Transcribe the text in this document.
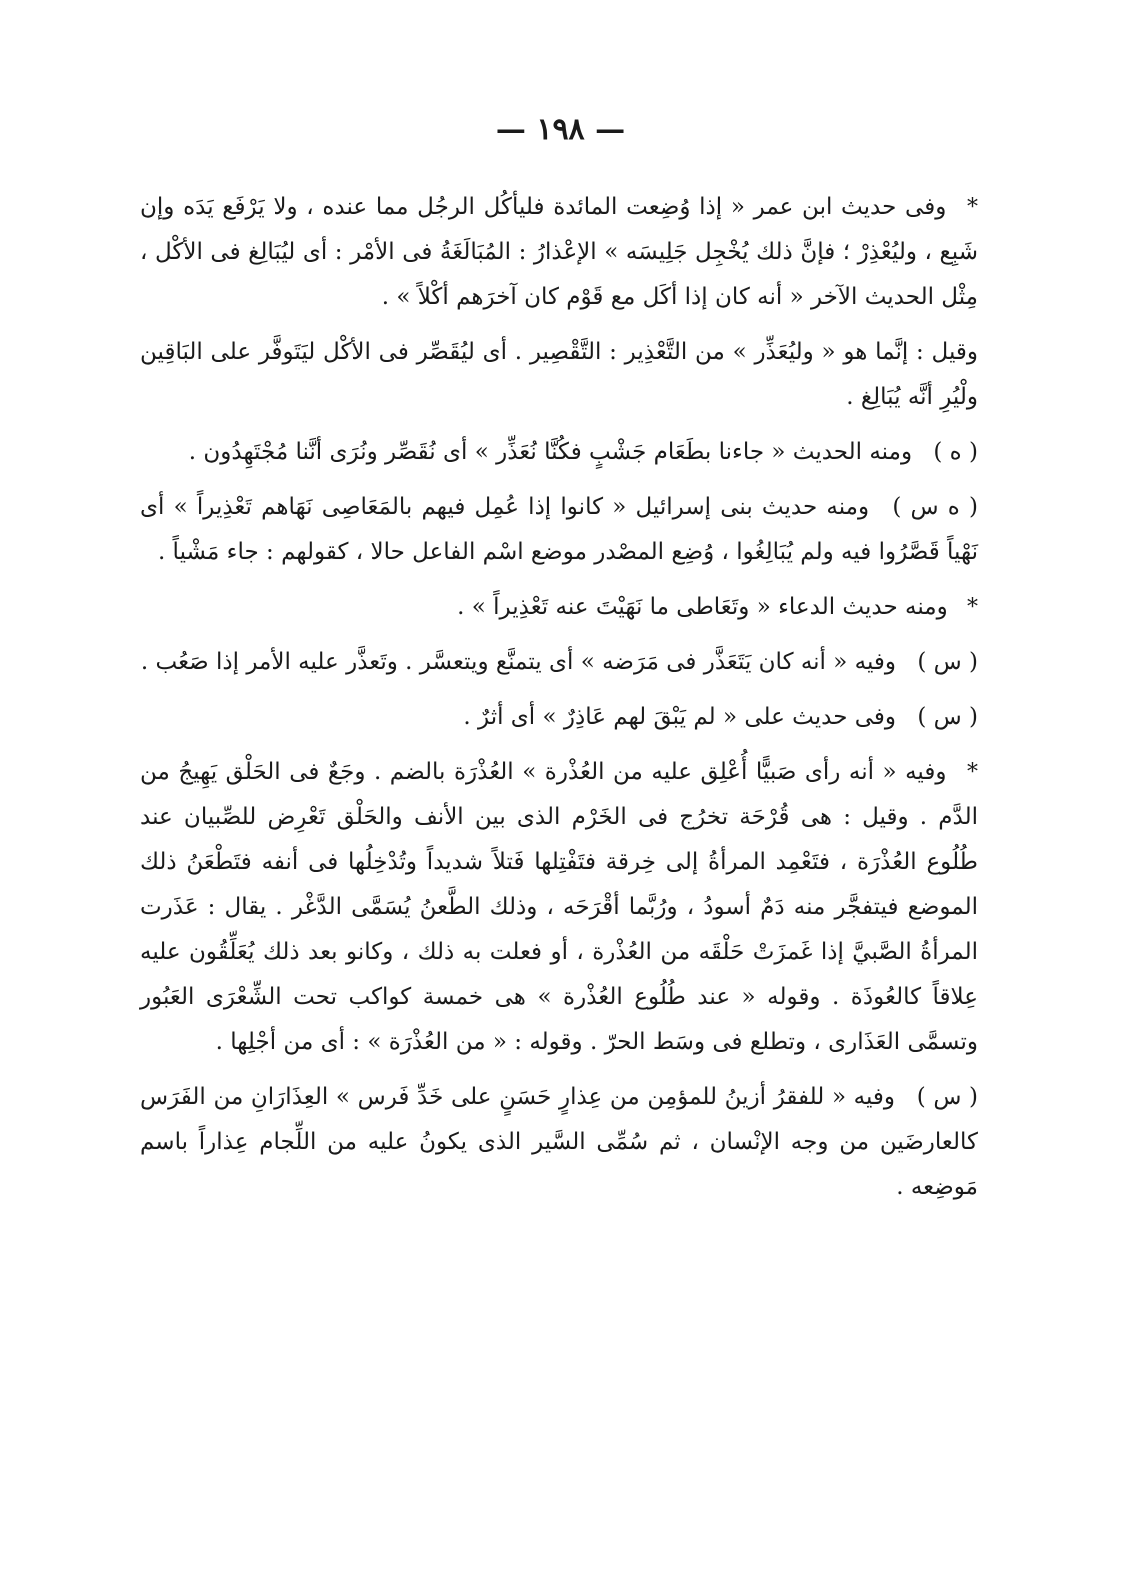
— ١٩٨ —

* وفى حديث ابن عمر « إذا وُضِعت المائدة فليأكُل الرجُل مما عنده ، ولا يَرْفَع يَدَه وإن شَبِع ، وليُعْذِرْ ؛ فإنَّ ذلك يُخْجِل جَلِيسَه » الإعْذارُ : المُبَالَغَةُ فى الأمْر : أى ليُبَالِغ فى الأكْل ، مِثْل الحديث الآخر « أنه كان إذا أكَل مع قَوْم كان آخرَهم أكْلاً » .

وقيل : إنَّما هو « وليُعَذِّر » من التَّعْذِير : التَّقْصِير . أى ليُقَصِّر فى الأكْل ليَتَوفَّر على البَاقِين ولْيُرِ أنَّه يُبَالِغ .

( ه ) ومنه الحديث « جاءنا بطَعَام جَشْبٍ فكُنَّا نُعَذِّر » أى نُقَصِّر ونُرَى أنَّنا مُجْتَهِدُون .

( ه س ) ومنه حديث بنى إسرائيل « كانوا إذا عُمِل فيهم بالمَعَاصِى نَهَاهم تَعْذِيراً » أى نَهْياً قَصَّرُوا فيه ولم يُبَالِغُوا ، وُضِع المصْدر موضع اسْم الفاعل حالا ، كقولهم : جاء مَشْياً .

* ومنه حديث الدعاء « وتَعَاطى ما نَهَيْتَ عنه تَعْذِيراً » .

( س ) وفيه « أنه كان يَتَعَذَّر فى مَرَضه » أى يتمنَّع ويتعسَّر . وتَعذَّر عليه الأمر إذا صَعُب .

( س ) وفى حديث على « لم يَبْقَ لهم عَاذِرٌ » أى أثرٌ .

* وفيه « أنه رأى صَبيًّا أُعْلِق عليه من العُذْرة » العُذْرَة بالضم . وجَعٌ فى الحَلْق يَهِيجُ من الدَّم . وقيل : هى قُرْحَة تخرُج فى الخَرْم الذى بين الأنف والحَلْق تَعْرِض للصِّبيان عند طُلُوع العُذْرَة ، فتَعْمِد المرأةُ إلى خِرقة فتَفْتِلها فَتلاً شديداً وتُدْخِلُها فى أنفه فتَطْعَنُ ذلك الموضع فيتفجَّر منه دَمٌ أسودُ ، ورُبَّما أقْرَحَه ، وذلك الطَّعنُ يُسَمَّى الدَّغْر . يقال : عَذَرت المرأةُ الصَّبيَّ إذا غَمزَتْ حَلْقَه من العُذْرة ، أو فعلت به ذلك ، وكانو بعد ذلك يُعَلِّقُون عليه عِلاقاً كالعُوذَة . وقوله « عند طُلُوع العُذْرة » هى خمسة كواكب تحت الشِّعْرَى العَبُور وتسمَّى العَذَارى ، وتطلع فى وسَط الحرّ . وقوله : « من العُذْرَة » : أى من أجْلِها .

( س ) وفيه « للفقرُ أزينُ للمؤمِن من عِذارٍ حَسَنٍ على خَدِّ فَرس » العِذَارَانِ من الفَرَس كالعارضَين من وجه الإنْسان ، ثم سُمِّى السَّير الذى يكونُ عليه من اللِّجام عِذاراً باسم مَوضِعه .
